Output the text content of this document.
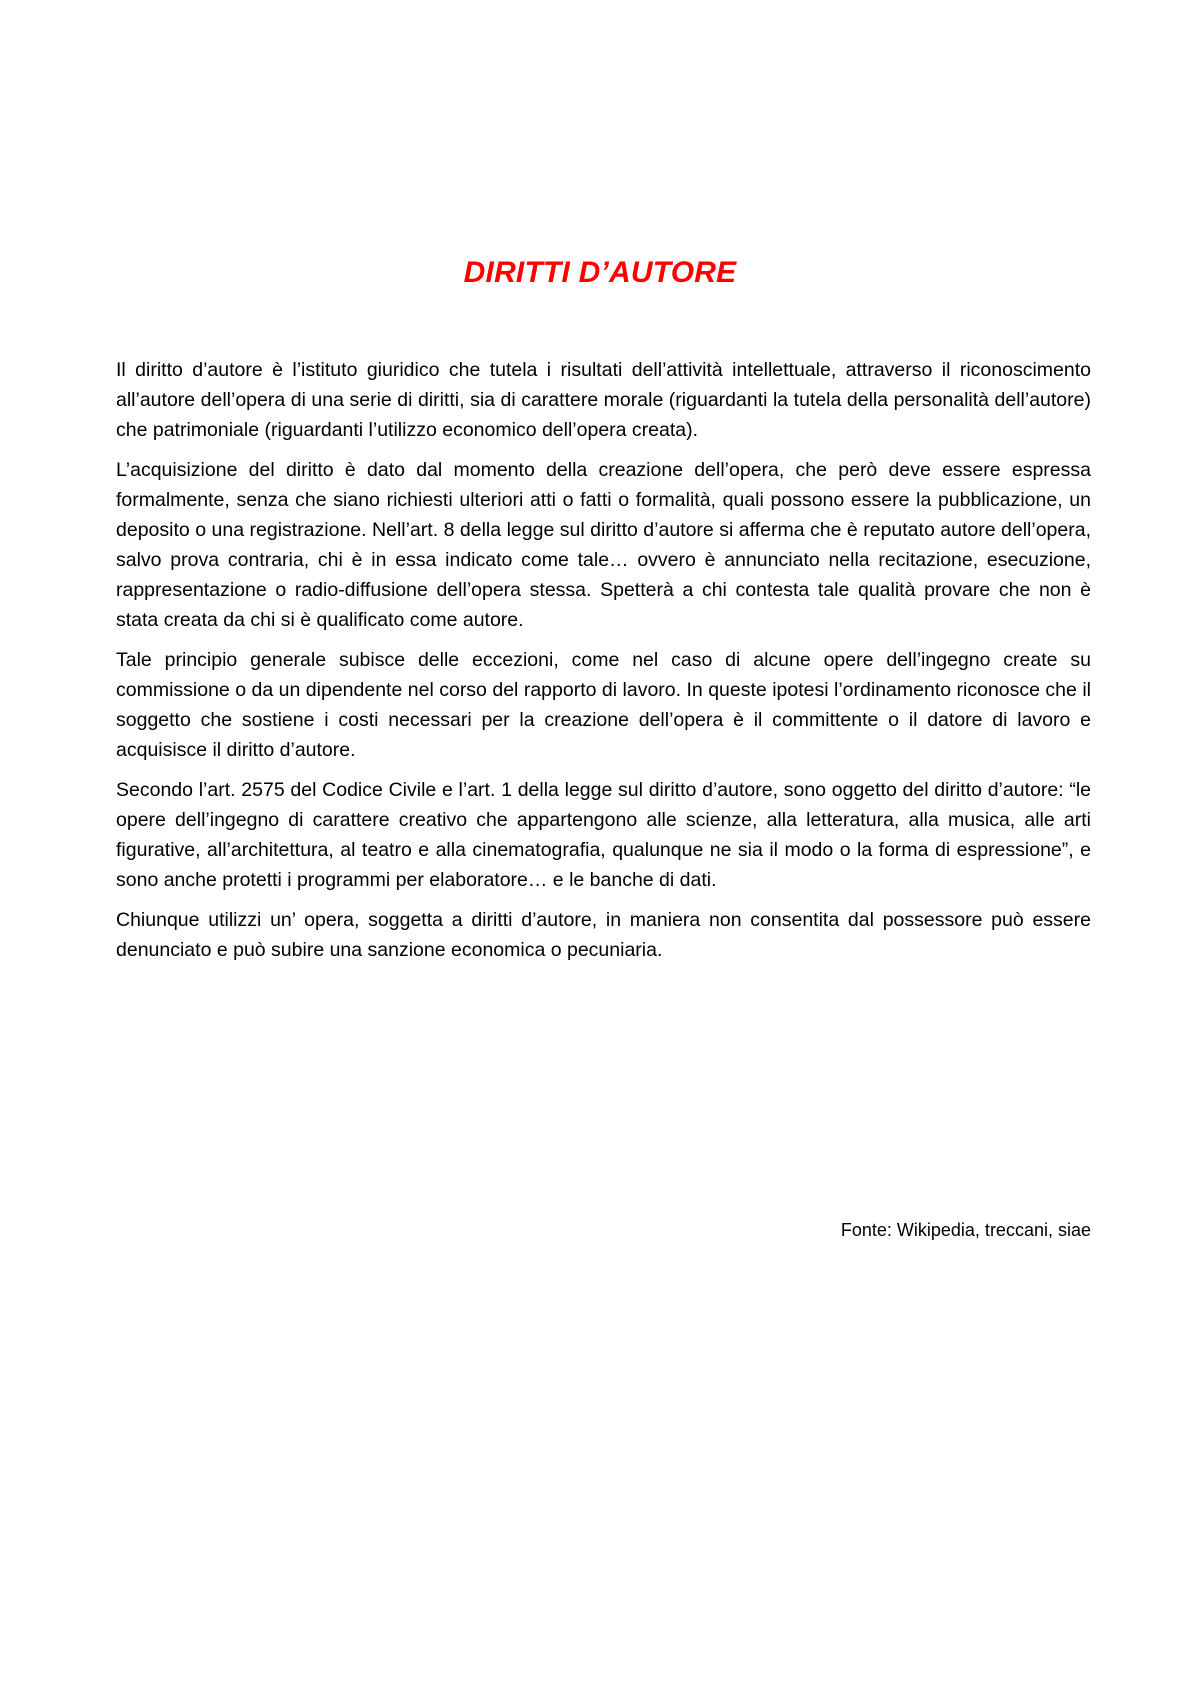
DIRITTI D’AUTORE

Il diritto d’autore è l’istituto giuridico che tutela i risultati dell’attività intellettuale, attraverso il riconoscimento all’autore dell’opera di una serie di diritti, sia di carattere morale (riguardanti la tutela della personalità dell’autore) che patrimoniale (riguardanti l’utilizzo economico dell’opera creata).

L’acquisizione del diritto è dato dal momento della creazione dell’opera, che però deve essere espressa formalmente, senza che siano richiesti ulteriori atti o fatti o formalità, quali possono essere la pubblicazione, un deposito o una registrazione. Nell’art. 8 della legge sul diritto d’autore si afferma che è reputato autore dell’opera, salvo prova contraria, chi è in essa indicato come tale… ovvero è annunciato nella recitazione, esecuzione, rappresentazione o radio-diffusione dell’opera stessa. Spetterà a chi contesta tale qualità provare che non è stata creata da chi si è qualificato come autore.

Tale principio generale subisce delle eccezioni, come nel caso di alcune opere dell’ingegno create su commissione o da un dipendente nel corso del rapporto di lavoro. In queste ipotesi l’ordinamento riconosce che il soggetto che sostiene i costi necessari per la creazione dell’opera è il committente o il datore di lavoro e acquisisce il diritto d’autore.

Secondo l’art. 2575 del Codice Civile e l’art. 1 della legge sul diritto d’autore, sono oggetto del diritto d’autore: “le opere dell’ingegno di carattere creativo che appartengono alle scienze, alla letteratura, alla musica, alle arti figurative, all’architettura, al teatro e alla cinematografia, qualunque ne sia il modo o la forma di espressione”, e sono anche protetti i programmi per elaboratore… e le banche di dati.

Chiunque utilizzi un’ opera, soggetta a diritti d’autore, in maniera non consentita dal possessore può essere denunciato e può subire una sanzione economica o pecuniaria.

Fonte: Wikipedia, treccani, siae
